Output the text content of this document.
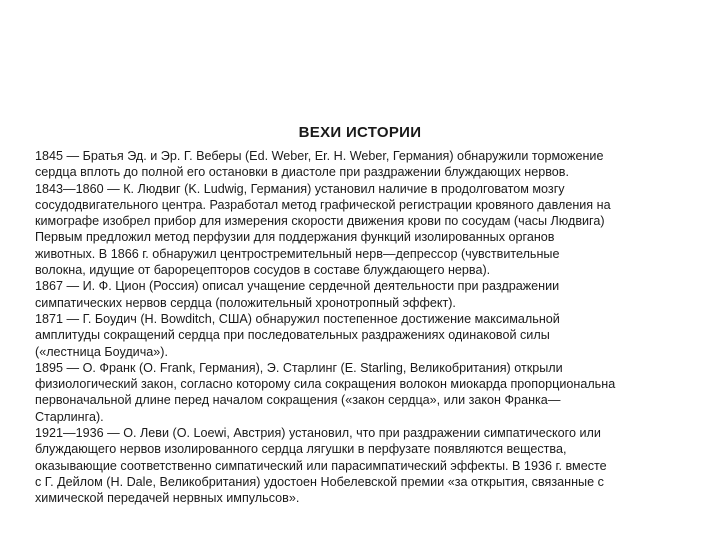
ВЕХИ ИСТОРИИ
1845 — Братья Эд. и Эр. Г. Веберы (Ed. Weber, Er. H. Weber, Германия) обнаружили торможение
сердца вплоть до полной его остановки в диастоле при раздражении блуждающих нервов.
1843—1860 — К. Людвиг (K. Ludwig, Германия) установил наличие в продолговатом мозгу
сосудодвигательного центра. Разработал метод графической регистрации кровяного давления на
кимографе изобрел прибор для измерения скорости движения крови по сосудам (часы Людвига)
Первым предложил метод перфузии для поддержания функций изолированных органов
животных. В 1866 г. обнаружил центростремительный нерв—депрессор (чувствительные
волокна, идущие от барорецепторов сосудов в составе блуждающего нерва).
1867 — И. Ф. Цион (Россия) описал учащение сердечной деятельности при раздражении
симпатических нервов сердца (положительный хронотропный эффект).
1871 — Г. Боудич (H. Bowditch, США) обнаружил постепенное достижение максимальной
амплитуды сокращений сердца при последовательных раздражениях одинаковой силы
(«лестница Боудича»).
1895 — О. Франк (O. Frank, Германия), Э. Старлинг (E. Starling, Великобритания) открыли
физиологический закон, согласно которому сила сокращения волокон миокарда пропорциональна
первоначальной длине перед началом сокращения («закон сердца», или закон Франка—
Старлинга).
1921—1936 — О. Леви (O. Loewi, Австрия) установил, что при раздражении симпатического или
блуждающего нервов изолированного сердца лягушки в перфузате появляются вещества,
оказывающие соответственно симпатический или парасимпатический эффекты. В 1936 г. вместе
с Г. Дейлом (H. Dale, Великобритания) удостоен Нобелевской премии «за открытия, связанные с
химической передачей нервных импульсов».
